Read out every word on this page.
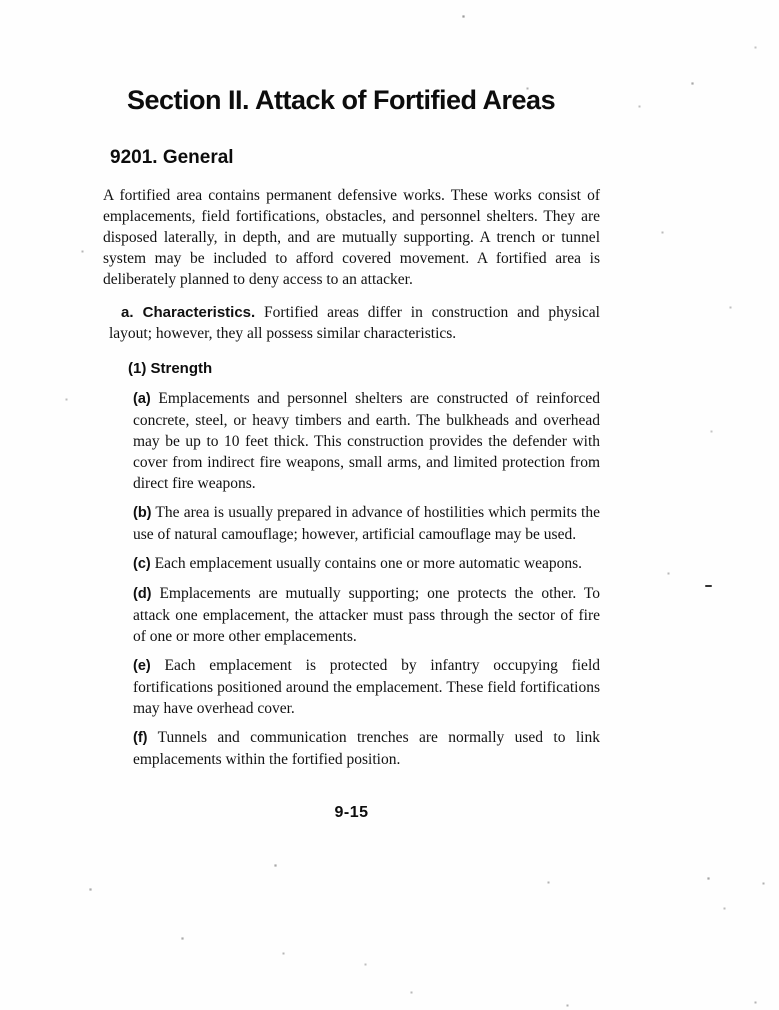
Section II. Attack of Fortified Areas
9201. General

A fortified area contains permanent defensive works. These works consist of emplacements, field fortifications, obstacles, and personnel shelters. They are disposed laterally, in depth, and are mutually supporting. A trench or tunnel system may be included to afford covered movement. A fortified area is deliberately planned to deny access to an attacker.

a. Characteristics. Fortified areas differ in construction and physical layout; however, they all possess similar characteristics.

(1) Strength
(a) Emplacements and personnel shelters are constructed of reinforced concrete, steel, or heavy timbers and earth. The bulkheads and overhead may be up to 10 feet thick. This construction provides the defender with cover from indirect fire weapons, small arms, and limited protection from direct fire weapons.
(b) The area is usually prepared in advance of hostilities which permits the use of natural camouflage; however, artificial camouflage may be used.
(c) Each emplacement usually contains one or more automatic weapons.
(d) Emplacements are mutually supporting; one protects the other. To attack one emplacement, the attacker must pass through the sector of fire of one or more other emplacements.
(e) Each emplacement is protected by infantry occupying field fortifications positioned around the emplacement. These field fortifications may have overhead cover.
(f) Tunnels and communication trenches are normally used to link emplacements within the fortified position.
9-15
